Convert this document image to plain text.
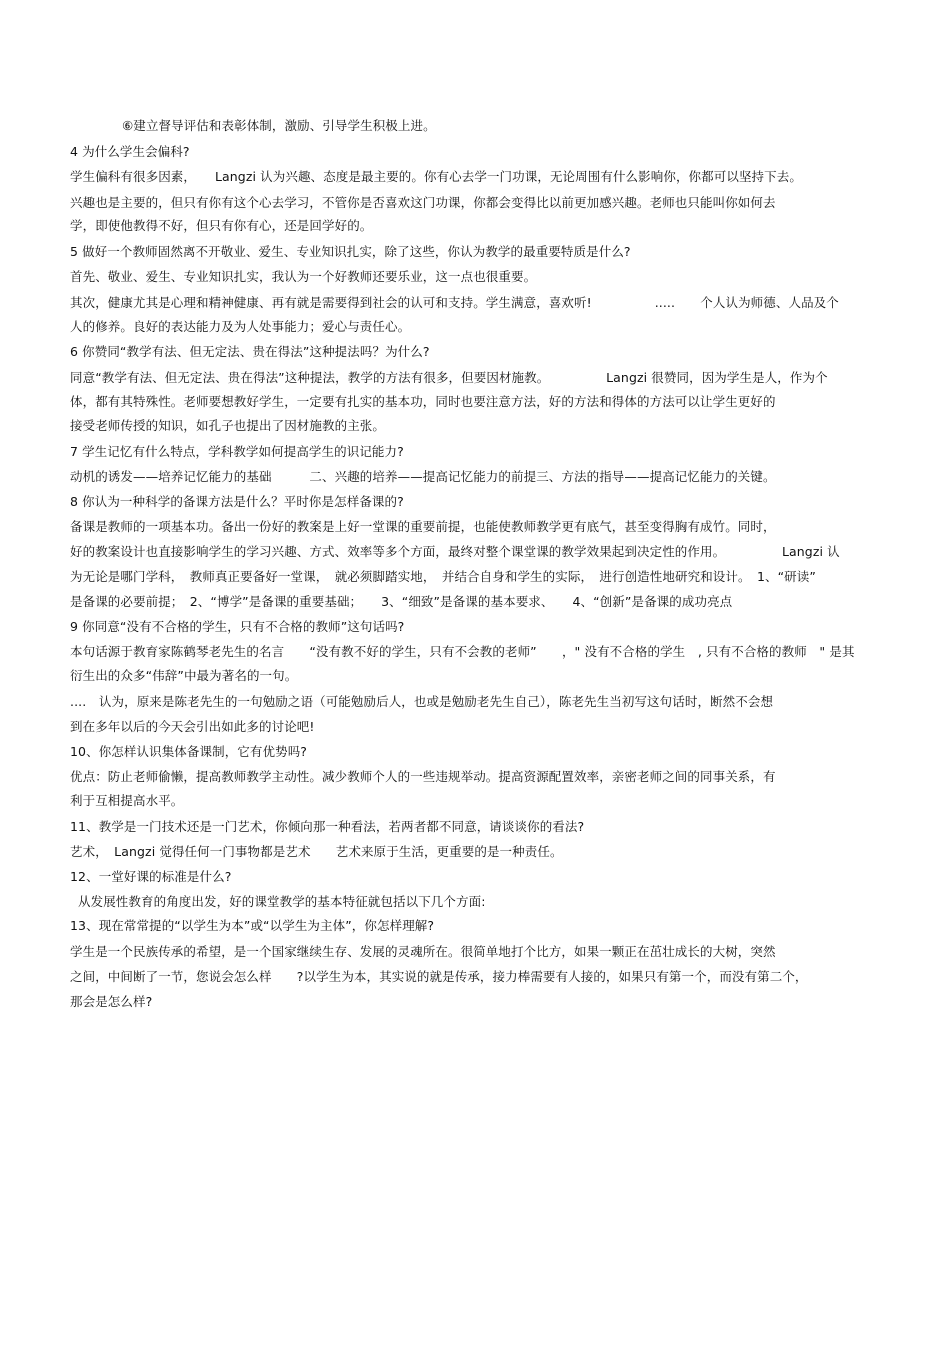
⑥建立督导评估和表彰体制，激励、引导学生积极上进。
4 为什么学生会偏科?
学生偏科有很多因素，　　Langzi 认为兴趣、态度是最主要的。你有心去学一门功课，无论周围有什么影响你，你都可以坚持下去。
兴趣也是主要的，但只有你有这个心去学习，不管你是否喜欢这门功课，你都会变得比以前更加感兴趣。老师也只能叫你如何去
学，即使他教得不好，但只有你有心，还是回学好的。
5 做好一个教师固然离不开敬业、爱生、专业知识扎实，除了这些，你认为教学的最重要特质是什么?
首先、敬业、爱生、专业知识扎实，我认为一个好教师还要乐业，这一点也很重要。
其次，健康尤其是心理和精神健康、再有就是需要得到社会的认可和支持。学生满意，喜欢听!　　　　　.....　　个人认为师德、人品及个
人的修养。良好的表达能力及为人处事能力；爱心与责任心。
6 你赞同“教学有法、但无定法、贵在得法”这种提法吗？为什么?
同意“教学有法、但无定法、贵在得法”这种提法，教学的方法有很多，但要因材施教。　　　　　Langzi 很赞同，因为学生是人，作为个
体，都有其特殊性。老师要想教好学生，一定要有扎实的基本功，同时也要注意方法，好的方法和得体的方法可以让学生更好的
接受老师传授的知识，如孔子也提出了因材施教的主张。
7 学生记忆有什么特点，学科教学如何提高学生的识记能力?
动机的诱发——培养记忆能力的基础　　　二、兴趣的培养——提高记忆能力的前提三、方法的指导——提高记忆能力的关键。
8 你认为一种科学的备课方法是什么？平时你是怎样备课的?
备课是教师的一项基本功。备出一份好的教案是上好一堂课的重要前提，也能使教师教学更有底气，甚至变得胸有成竹。同时，
好的教案设计也直接影响学生的学习兴趣、方式、效率等多个方面，最终对整个课堂课的教学效果起到决定性的作用。　　　　　Langzi 认
为无论是哪门学科，　教师真正要备好一堂课，　就必须脚踏实地，　并结合自身和学生的实际，　进行创造性地研究和设计。　1、“研读”
是备课的必要前提；　2、“博学”是备课的重要基础；　　3、“细致”是备课的基本要求、　　4、“创新”是备课的成功亮点
9 你同意“没有不合格的学生，只有不合格的教师”这句话吗?
本句话源于教育家陈鹤琴老先生的名言　　“没有教不好的学生，只有不会教的老师”　　，" 没有不合格的学生　, 只有不合格的教师　" 是其
衍生出的众多“伟辞”中最为著名的一句。
....　认为，原来是陈老先生的一句勉励之语（可能勉励后人，也或是勉励老先生自己），陈老先生当初写这句话时，断然不会想
到在多年以后的今天会引出如此多的讨论吧!
10、你怎样认识集体备课制，它有优势吗?
优点：防止老师偷懒，提高教师教学主动性。减少教师个人的一些违规举动。提高资源配置效率，亲密老师之间的同事关系，有
利于互相提高水平。
11、教学是一门技术还是一门艺术，你倾向那一种看法，若两者都不同意，请谈谈你的看法?
艺术，　Langzi 觉得任何一门事物都是艺术　　艺术来原于生活，更重要的是一种责任。
12、一堂好课的标准是什么?
从发展性教育的角度出发，好的课堂教学的基本特征就包括以下几个方面:
13、现在常常提的“以学生为本”或“以学生为主体”，你怎样理解?
学生是一个民族传承的希望，是一个国家继续生存、发展的灵魂所在。很简单地打个比方，如果一颗正在茁壮成长的大树，突然
之间，中间断了一节，您说会怎么样　　?以学生为本，其实说的就是传承，接力棒需要有人接的，如果只有第一个，而没有第二个，
那会是怎么样?
